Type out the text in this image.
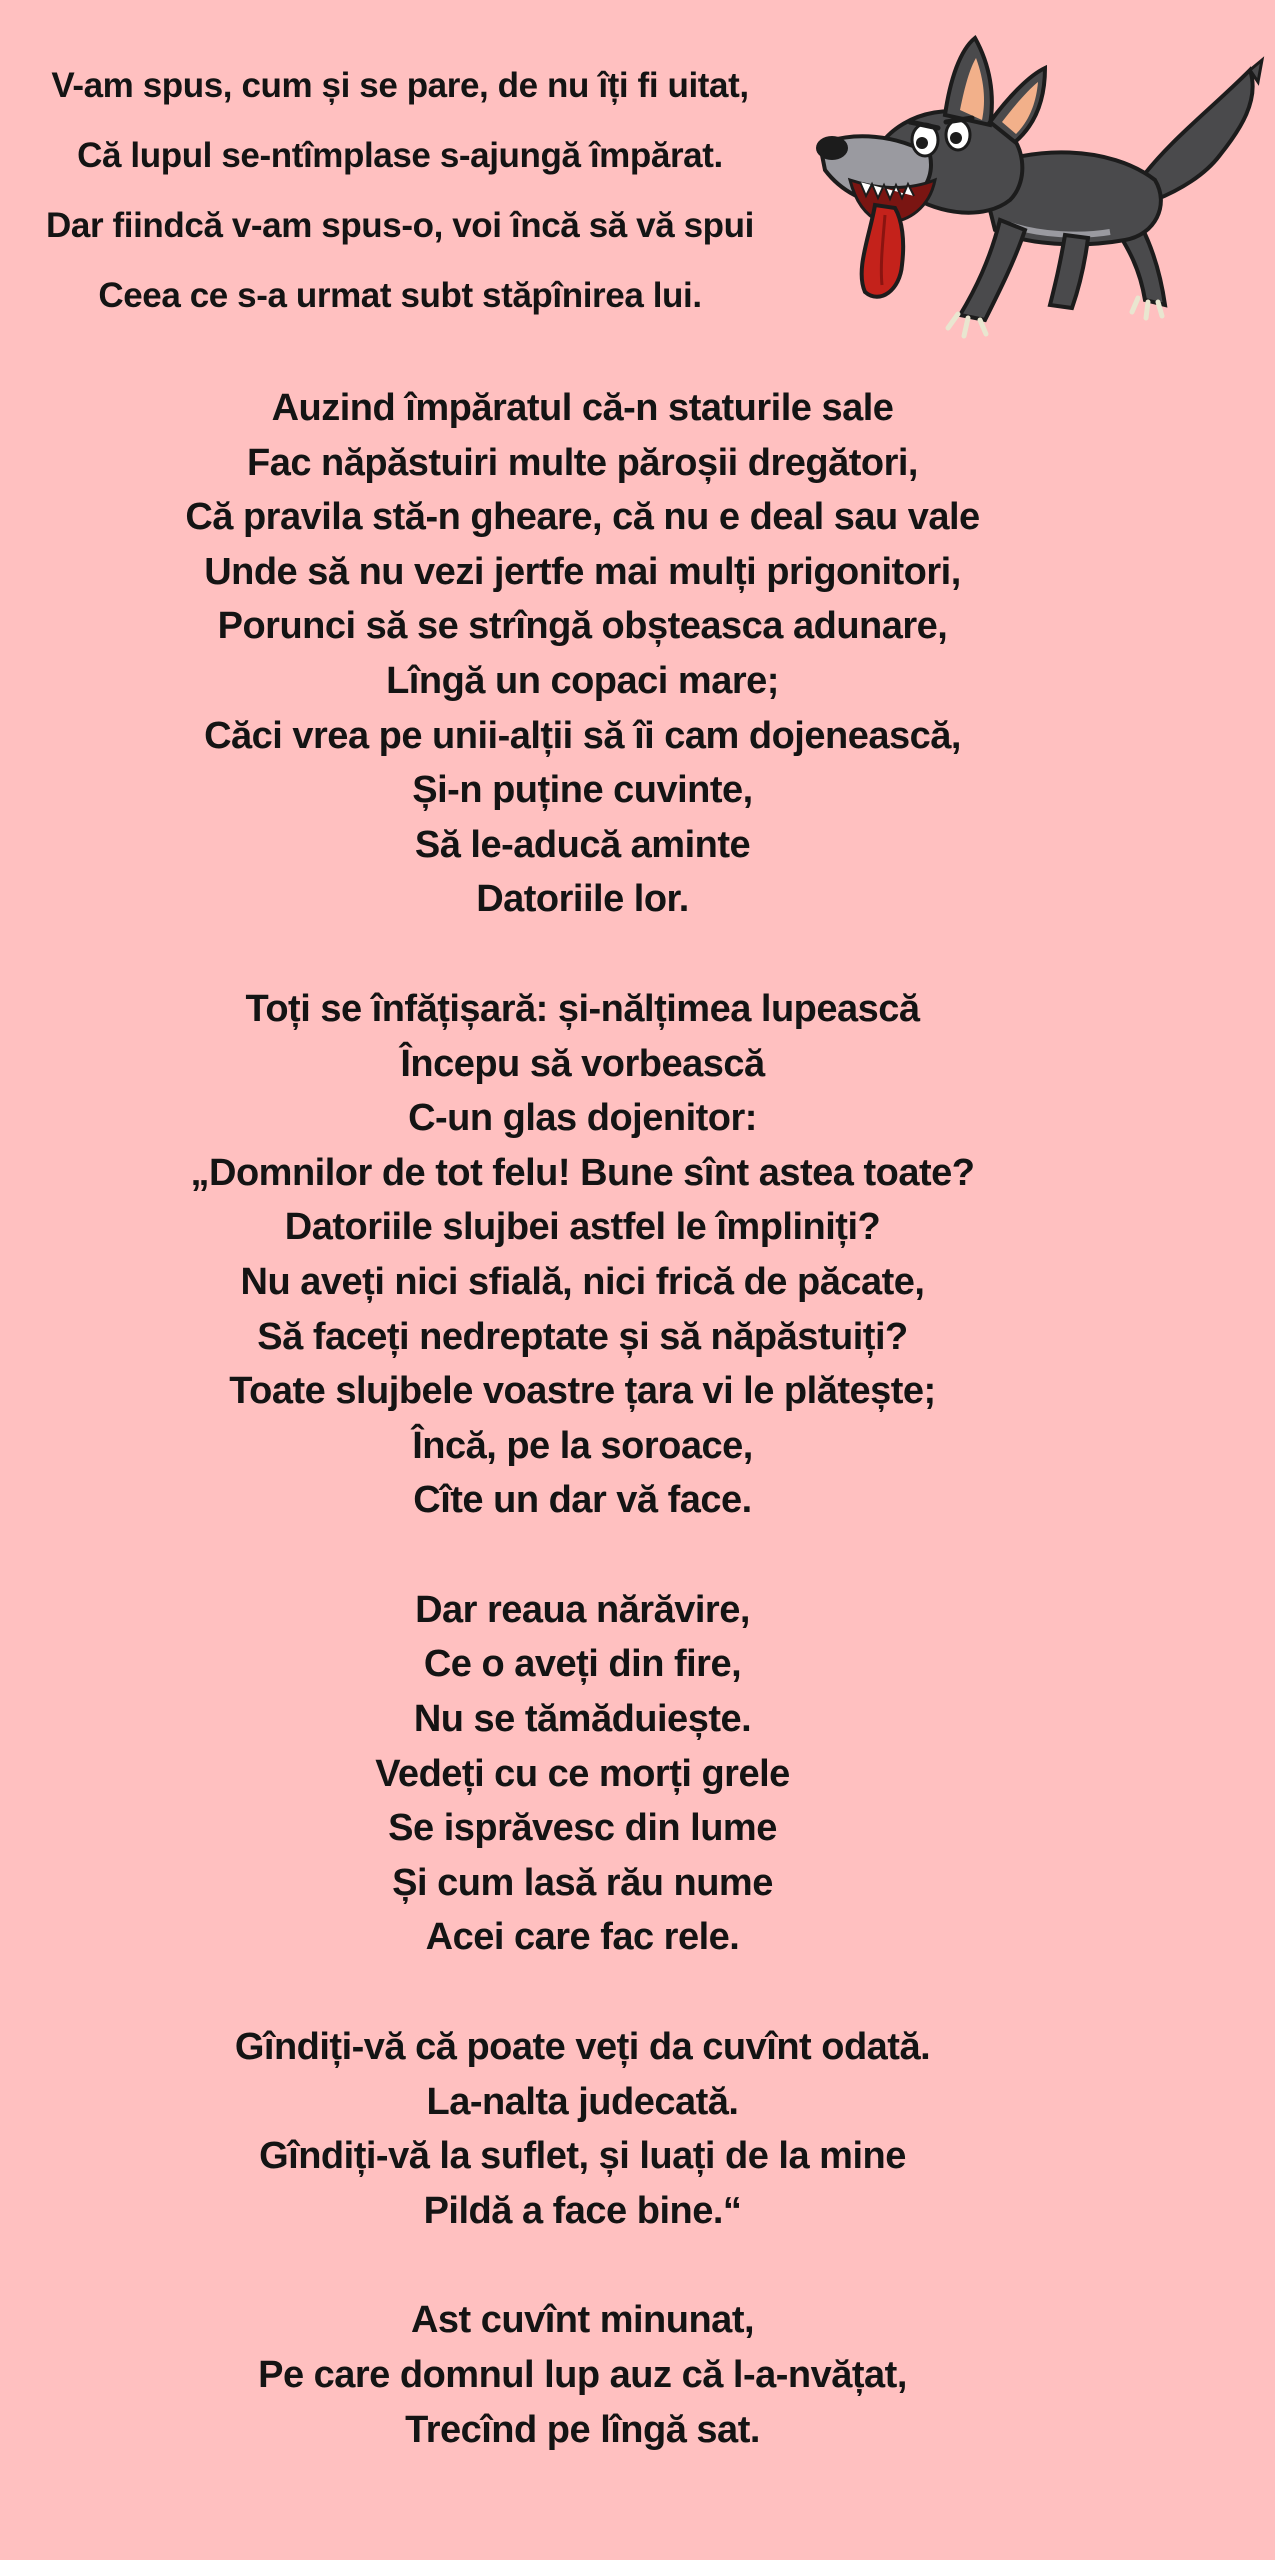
V-am spus, cum și se pare, de nu îți fi uitat,
Că lupul se-ntîmplase s-ajungă împărat.
Dar fiindcă v-am spus-o, voi încă să vă spui
Ceea ce s-a urmat subt stăpînirea lui.
Auzind împăratul că-n staturile sale
Fac năpăstuiri multe păroșii dregători,
Că pravila stă-n gheare, că nu e deal sau vale
Unde să nu vezi jertfe mai mulți prigonitori,
Porunci să se strîngă obșteasca adunare,
Lîngă un copaci mare;
Căci vrea pe unii-alții să îi cam dojenească,
Și-n puține cuvinte,
Să le-aducă aminte
Datoriile lor.
Toți se înfățișară: și-nălțimea lupească
Începu să vorbească
C-un glas dojenitor:
„Domnilor de tot felu! Bune sînt astea toate?
Datoriile slujbei astfel le împliniți?
Nu aveți nici sfială, nici frică de păcate,
Să faceți nedreptate și să năpăstuiți?
Toate slujbele voastre țara vi le plătește;
Încă, pe la soroace,
Cîte un dar vă face.
Dar reaua nărăvire,
Ce o aveți din fire,
Nu se tămăduiește.
Vedeți cu ce morți grele
Se isprăvesc din lume
Și cum lasă rău nume
Acei care fac rele.
Gîndiți-vă că poate veți da cuvînt odată.
La-nalta judecată.
Gîndiți-vă la suflet, și luați de la mine
Pildă a face bine.“
Ast cuvînt minunat,
Pe care domnul lup auz că l-a-nvățat,
Trecînd pe lîngă sat.
